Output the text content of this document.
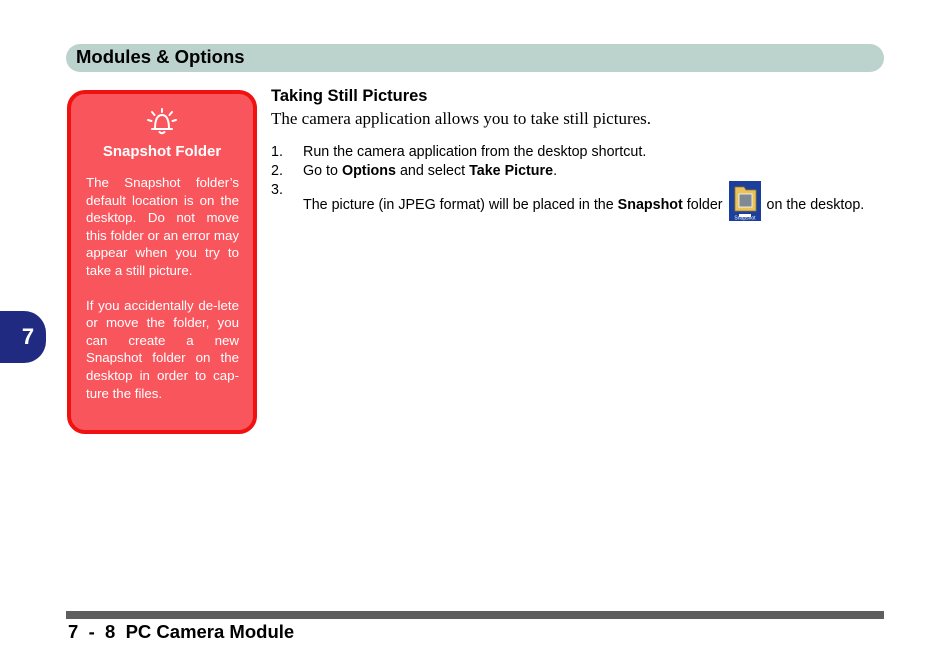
Modules & Options
7
Snapshot Folder

The Snapshot folder’s default location is on the desktop. Do not move this folder or an error may appear when you try to take a still picture.

If you accidentally de-lete or move the folder, you can create a new Snapshot folder on the desktop in order to cap-ture the files.

Taking Still Pictures
The camera application allows you to take still pictures.
1. Run the camera application from the desktop shortcut.
2. Go to Options and select Take Picture.
3.
The picture (in JPEG format) will be placed in the Snapshot folder
Snapshot
on the desktop.
7  -  8  PC Camera Module
